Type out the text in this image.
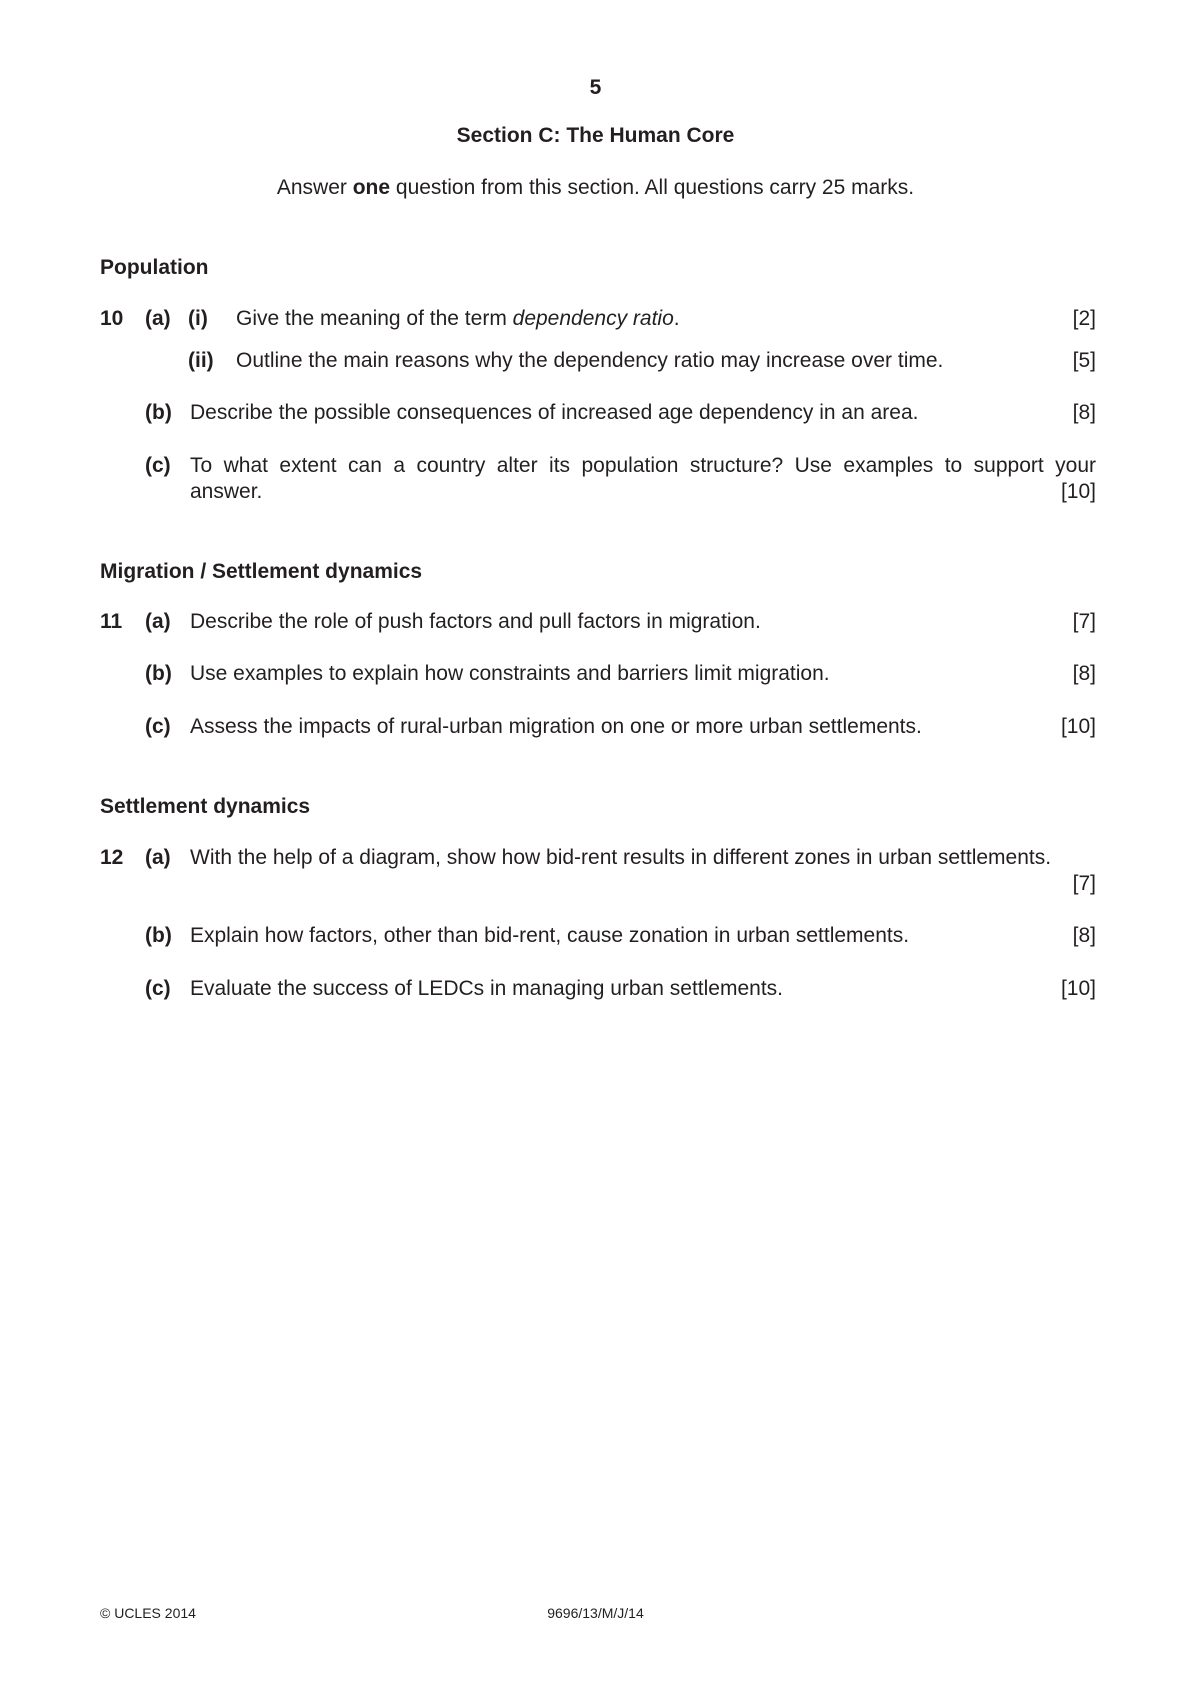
5
Section C: The Human Core
Answer one question from this section. All questions carry 25 marks.
Population
10 (a) (i) Give the meaning of the term dependency ratio.	[2]
(ii) Outline the main reasons why the dependency ratio may increase over time.	[5]
(b) Describe the possible consequences of increased age dependency in an area.	[8]
(c) To what extent can a country alter its population structure? Use examples to support your
answer.	[10]
Migration / Settlement dynamics
11 (a) Describe the role of push factors and pull factors in migration.	[7]
(b) Use examples to explain how constraints and barriers limit migration.	[8]
(c) Assess the impacts of rural-urban migration on one or more urban settlements.	[10]
Settlement dynamics
12 (a) With the help of a diagram, show how bid-rent results in different zones in urban settlements.
[7]
(b) Explain how factors, other than bid-rent, cause zonation in urban settlements.	[8]
(c) Evaluate the success of LEDCs in managing urban settlements.	[10]
© UCLES 2014	9696/13/M/J/14
